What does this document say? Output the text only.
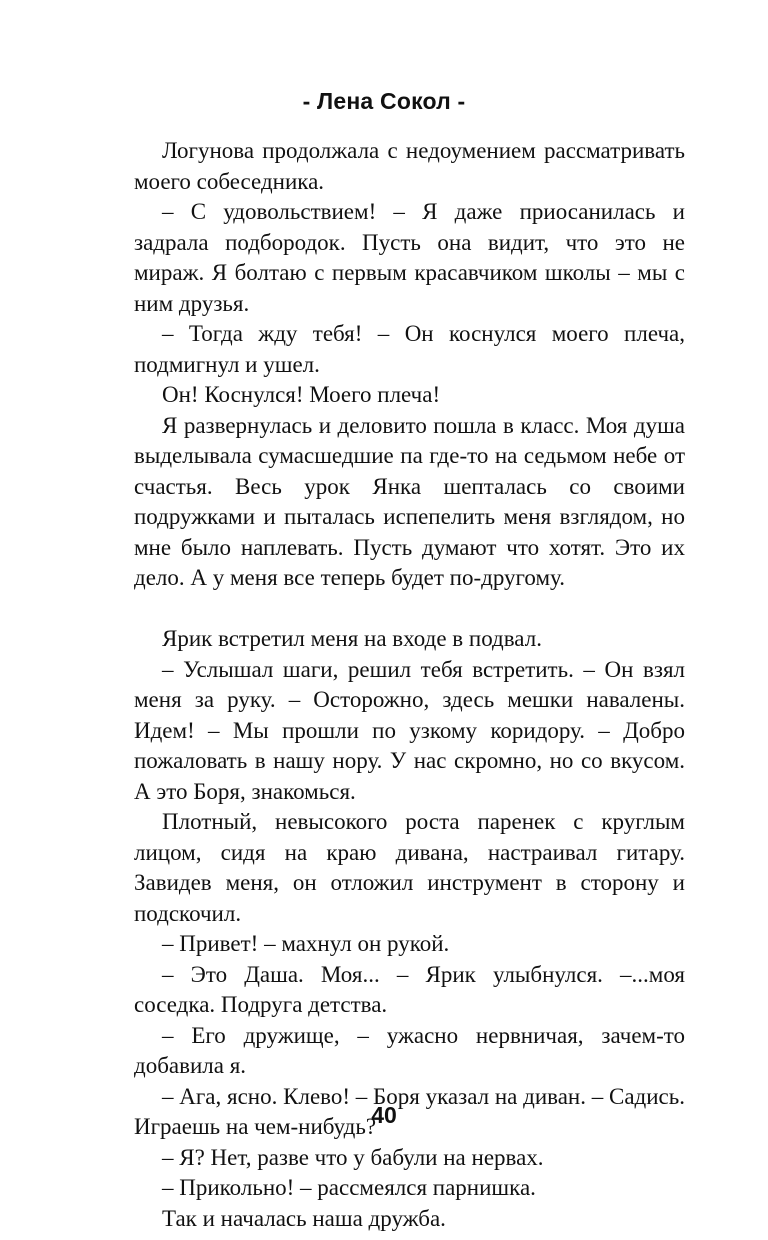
- Лена Сокол -

Логунова продолжала с недоумением рассматривать моего собеседника.

– С удовольствием! – Я даже приосанилась и задрала подбородок. Пусть она видит, что это не мираж. Я болтаю с первым красавчиком школы – мы с ним друзья.

– Тогда жду тебя! – Он коснулся моего плеча, подмигнул и ушел.

Он! Коснулся! Моего плеча!

Я развернулась и деловито пошла в класс. Моя душа выделывала сумасшедшие па где-то на седьмом небе от счастья. Весь урок Янка шепталась со своими подружками и пыталась испепелить меня взглядом, но мне было наплевать. Пусть думают что хотят. Это их дело. А у меня все теперь будет по-другому.

Ярик встретил меня на входе в подвал.

– Услышал шаги, решил тебя встретить. – Он взял меня за руку. – Осторожно, здесь мешки навалены. Идем! – Мы прошли по узкому коридору. – Добро пожаловать в нашу нору. У нас скромно, но со вкусом. А это Боря, знакомься.

Плотный, невысокого роста паренек с круглым лицом, сидя на краю дивана, настраивал гитару. Завидев меня, он отложил инструмент в сторону и подскочил.

– Привет! – махнул он рукой.

– Это Даша. Моя... – Ярик улыбнулся. –...моя соседка. Подруга детства.

– Его дружище, – ужасно нервничая, зачем-то добавила я.

– Ага, ясно. Клево! – Боря указал на диван. – Садись. Играешь на чем-нибудь?

– Я? Нет, разве что у бабули на нервах.

– Прикольно! – рассмеялся парнишка.

Так и началась наша дружба.

40
